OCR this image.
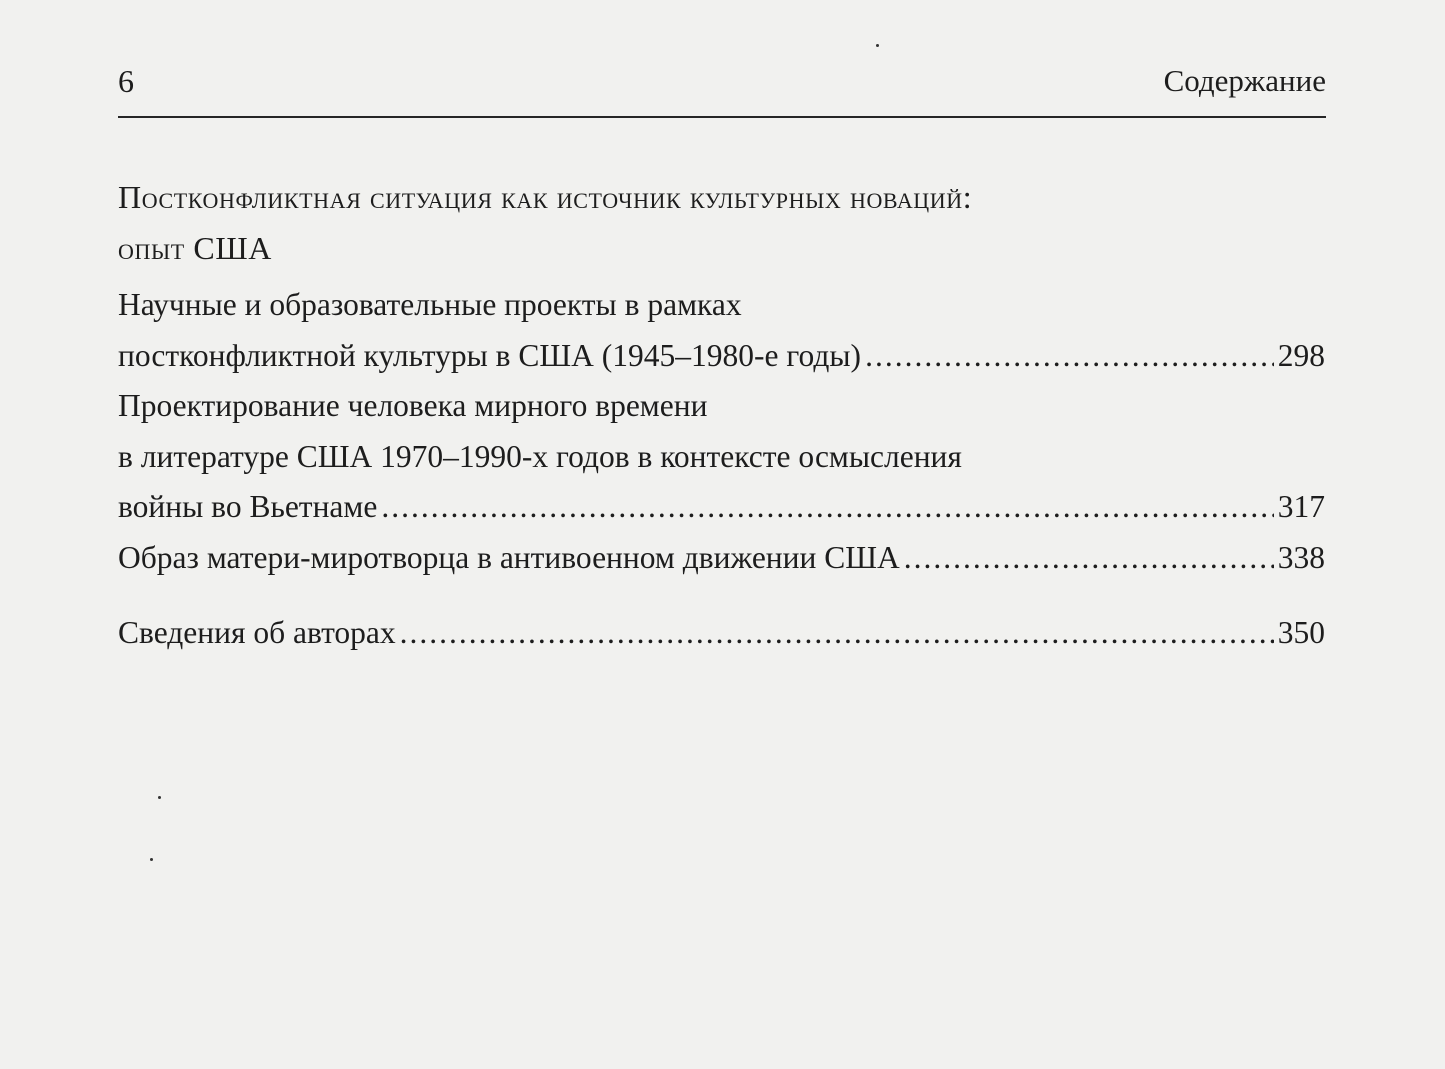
6	Содержание
Постконфликтная ситуация как источник культурных новаций:
опыт США
Научные и образовательные проекты в рамках
постконфликтной культуры в США (1945–1980-е годы) .....	298
Проектирование человека мирного времени
в литературе США 1970–1990-х годов в контексте осмысления
войны во Вьетнаме .....	317
Образ матери-миротворца в антивоенном движении США .....	338
Сведения об авторах .....	350
